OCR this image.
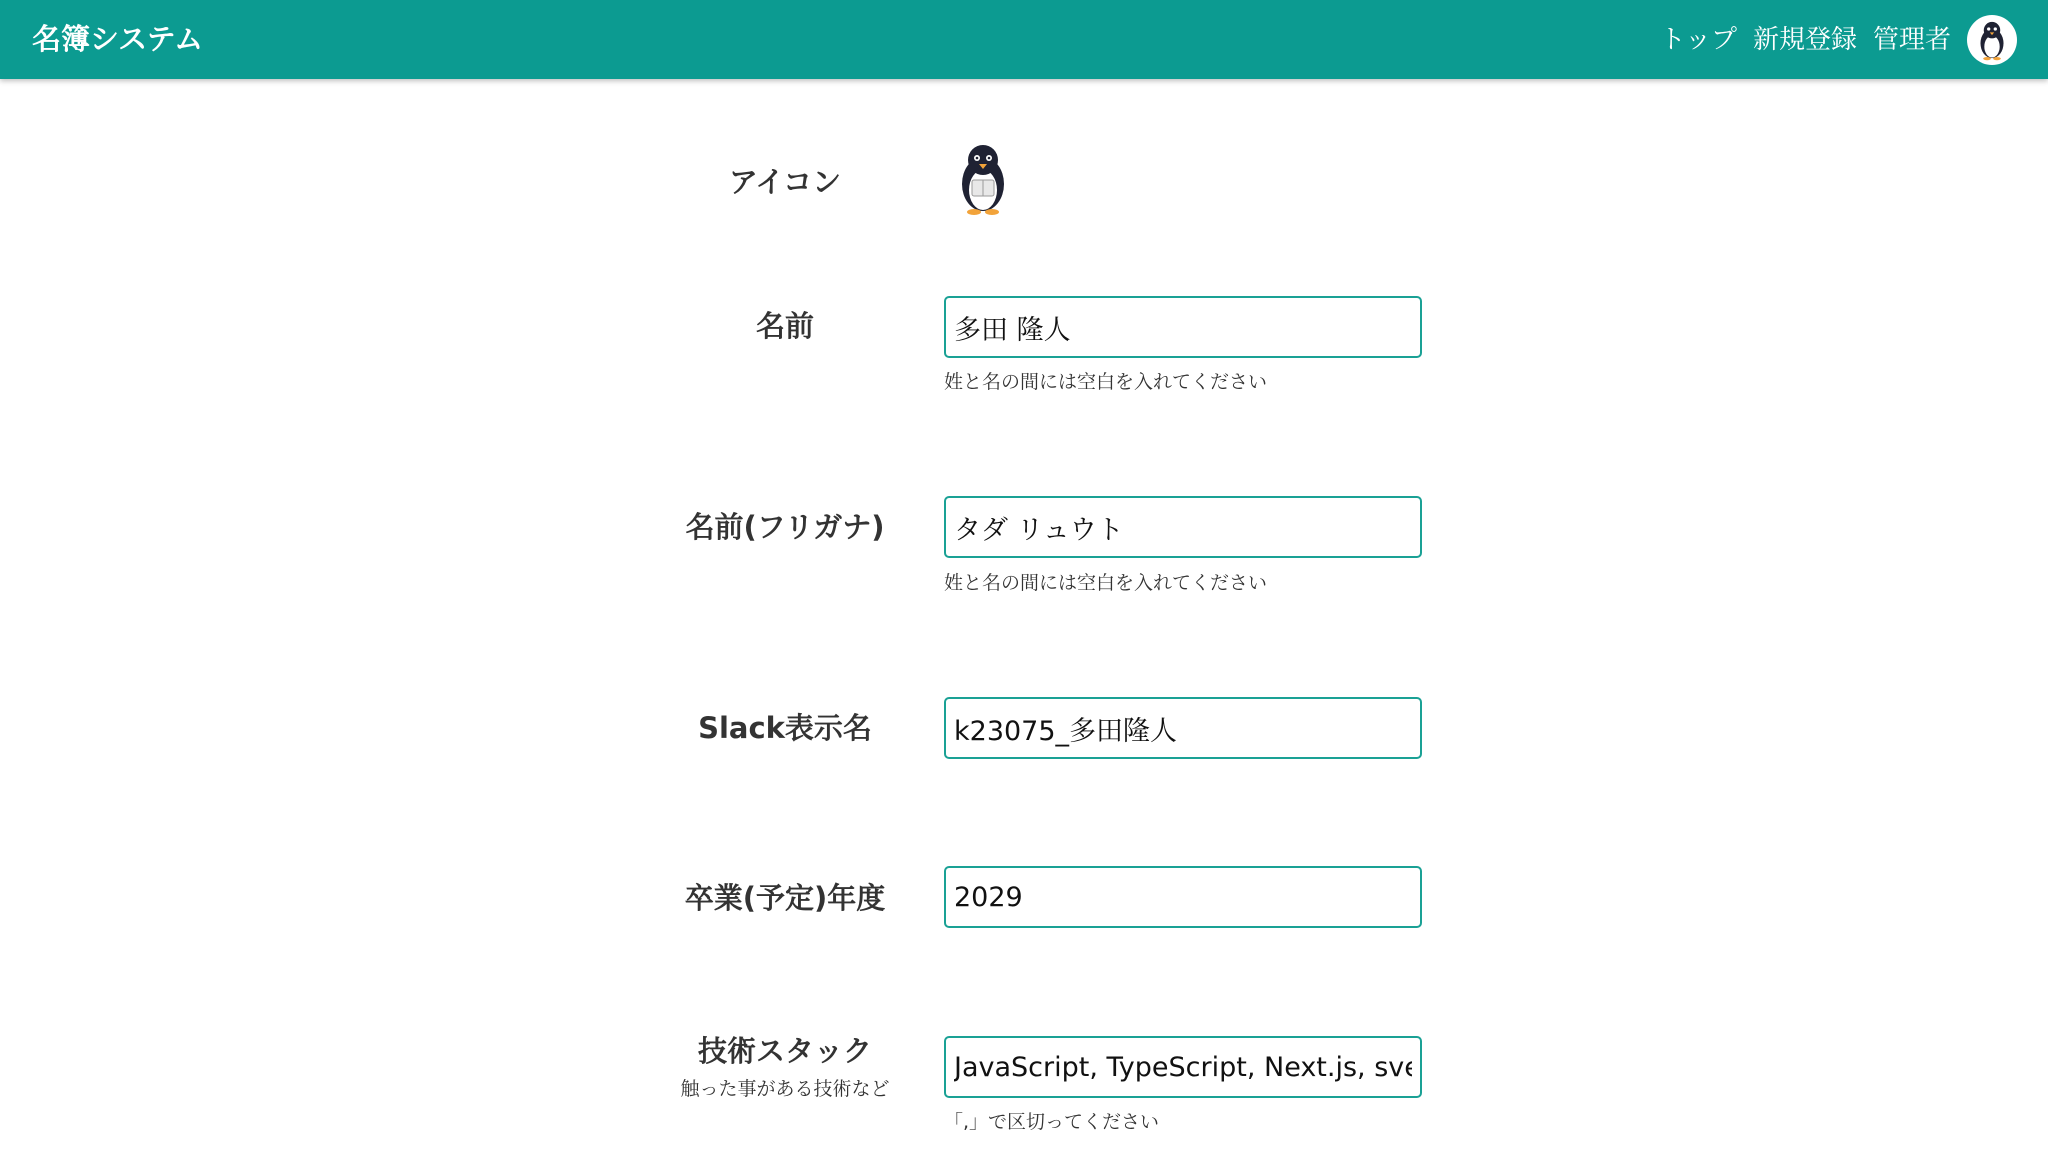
名簿システム	トップ 新規登録 管理者
アイコン
名前
多田 隆人
姓と名の間には空白を入れてください
名前(フリガナ)
タダ リュウト
姓と名の間には空白を入れてください
Slack表示名
k23075_多田隆人
卒業(予定)年度
2029
技術スタック
触った事がある技術など
JavaScript, TypeScript, Next.js, svelte
「,」で区切ってください
